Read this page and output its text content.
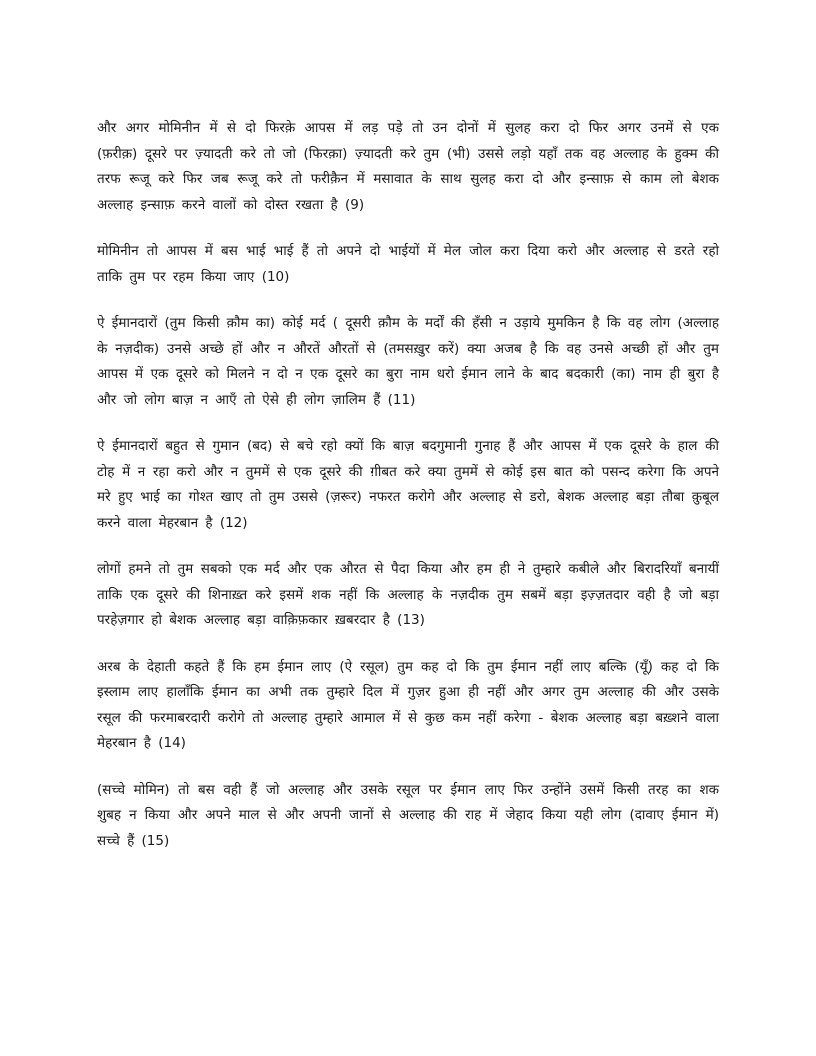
और अगर मोमिनीन में से दो फिरक़े आपस में लड़ पड़े तो उन दोनों में सुलह करा दो फिर अगर उनमें से एक (फ़रीक़) दूसरे पर ज़्यादती करे तो जो (फिरक़ा) ज़्यादती करे तुम (भी) उससे लड़ो यहाँ तक वह अल्लाह के हुक्म की तरफ रूजू करे फिर जब रूजू करे तो फरीक़ैन में मसावात के साथ सुलह करा दो और इन्साफ़ से काम लो बेशक अल्लाह इन्साफ़ करने वालों को दोस्त रखता है (9)

मोमिनीन तो आपस में बस भाई भाई हैं तो अपने दो भाईयों में मेल जोल करा दिया करो और अल्लाह से डरते रहो ताकि तुम पर रहम किया जाए (10)

ऐ ईमानदारों (तुम किसी क़ौम का) कोई मर्द ( दूसरी क़ौम के मर्दों की हँसी न उड़ाये मुमकिन है कि वह लोग (अल्लाह के नज़दीक) उनसे अच्छे हों और न औरतें औरतों से (तमसख़ुर करें) क्या अजब है कि वह उनसे अच्छी हों और तुम आपस में एक दूसरे को मिलने न दो न एक दूसरे का बुरा नाम धरो ईमान लाने के बाद बदकारी (का) नाम ही बुरा है और जो लोग बाज़ न आएँ तो ऐसे ही लोग ज़ालिम हैं (11)

ऐ ईमानदारों बहुत से गुमान (बद) से बचे रहो क्यों कि बाज़ बदगुमानी गुनाह हैं और आपस में एक दूसरे के हाल की टोह में न रहा करो और न तुममें से एक दूसरे की ग़ीबत करे क्या तुममें से कोई इस बात को पसन्द करेगा कि अपने मरे हुए भाई का गोश्त खाए तो तुम उससे (ज़रूर) नफरत करोगे और अल्लाह से डरो, बेशक अल्लाह बड़ा तौबा क़ुबूल करने वाला मेहरबान है (12)

लोगों हमने तो तुम सबको एक मर्द और एक औरत से पैदा किया और हम ही ने तुम्हारे कबीले और बिरादरियाँ बनायीं ताकि एक दूसरे की शिनाख़्त करे इसमें शक नहीं कि अल्लाह के नज़दीक तुम सबमें बड़ा इज़्ज़तदार वही है जो बड़ा परहेज़गार हो बेशक अल्लाह बड़ा वाक़िफ़कार ख़बरदार है (13)

अरब के देहाती कहते हैं कि हम ईमान लाए (ऐ रसूल) तुम कह दो कि तुम ईमान नहीं लाए बल्कि (यूँ) कह दो कि इस्लाम लाए हालाँकि ईमान का अभी तक तुम्हारे दिल में गुज़र हुआ ही नहीं और अगर तुम अल्लाह की और उसके रसूल की फरमाबरदारी करोगे तो अल्लाह तुम्हारे आमाल में से कुछ कम नहीं करेगा - बेशक अल्लाह बड़ा बख़्शने वाला मेहरबान है (14)

(सच्चे मोमिन) तो बस वही हैं जो अल्लाह और उसके रसूल पर ईमान लाए फिर उन्होंने उसमें किसी तरह का शक शुबह न किया और अपने माल से और अपनी जानों से अल्लाह की राह में जेहाद किया यही लोग (दावाए ईमान में) सच्चे हैं (15)
